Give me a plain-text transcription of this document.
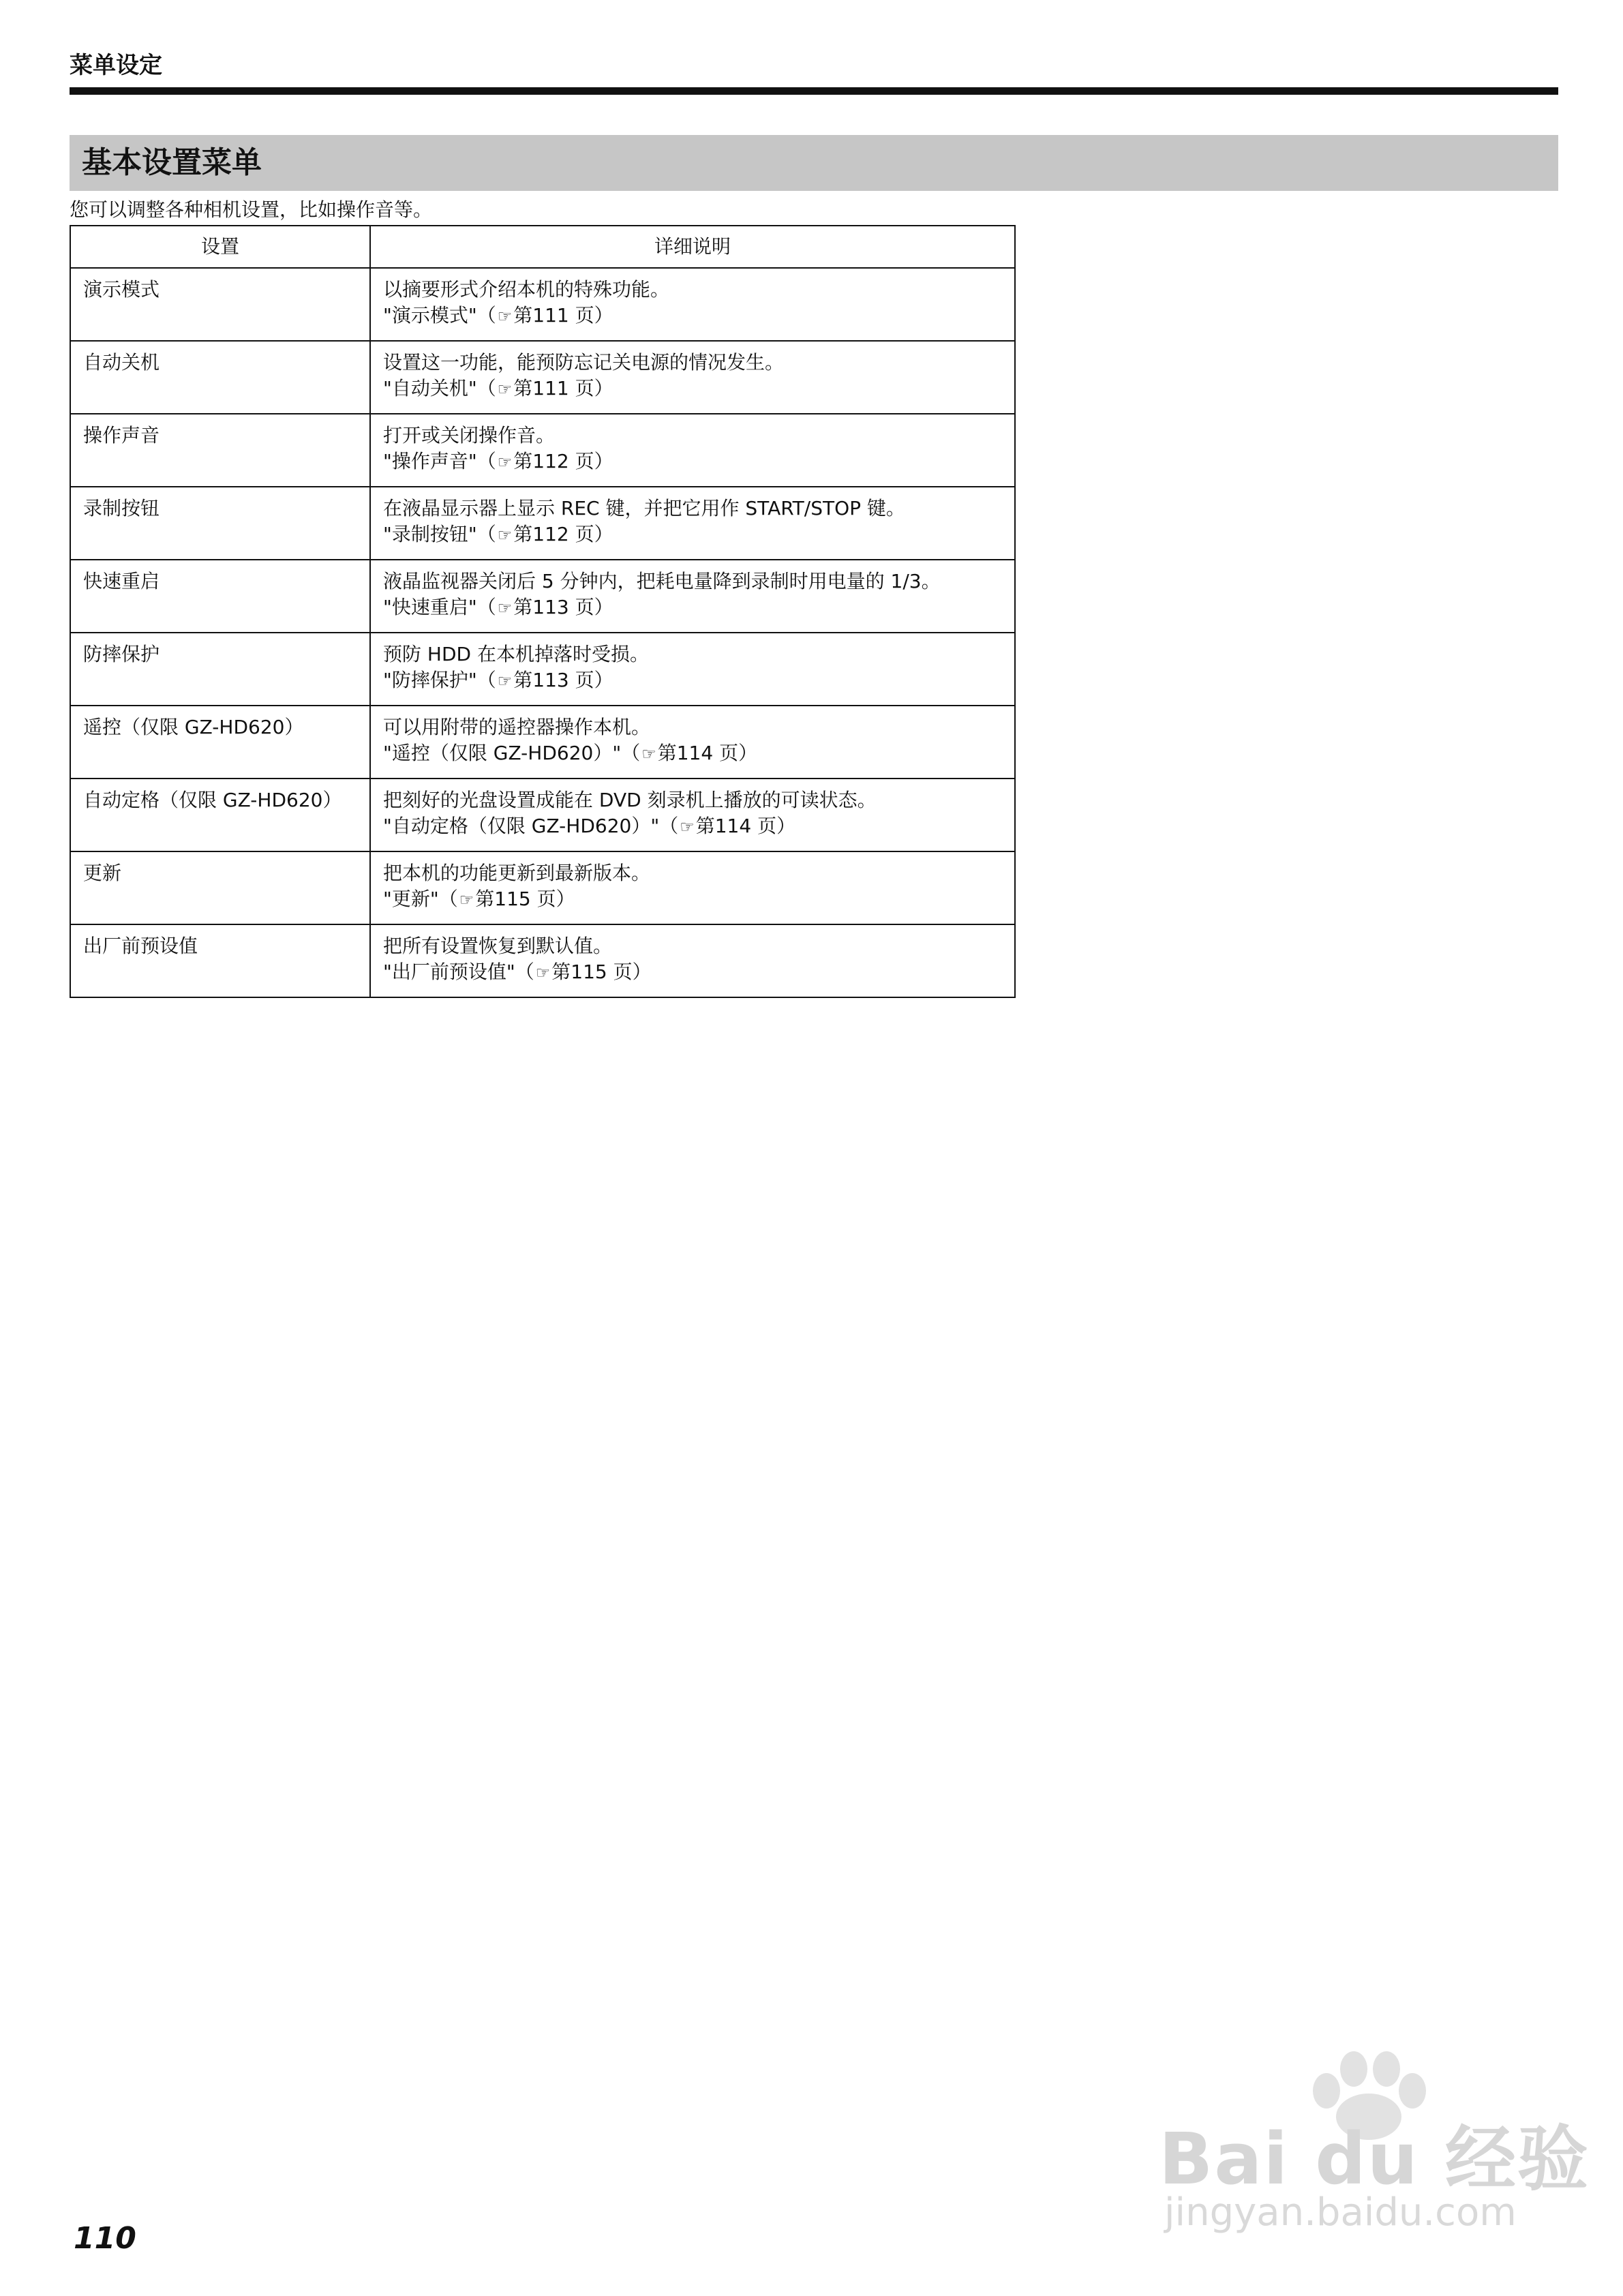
菜单设定
基本设置菜单
您可以调整各种相机设置，比如操作音等。
设置	详细说明
演示模式	以摘要形式介绍本机的特殊功能。
"演示模式"（☞第111 页）

自动关机	设置这一功能，能预防忘记关电源的情况发生。
"自动关机"（☞第111 页）

操作声音	打开或关闭操作音。
"操作声音"（☞第112 页）

录制按钮	在液晶显示器上显示 REC 键，并把它用作 START/STOP 键。
"录制按钮"（☞第112 页）

快速重启	液晶监视器关闭后 5 分钟内，把耗电量降到录制时用电量的 1/3。
"快速重启"（☞第113 页）

防摔保护	预防 HDD 在本机掉落时受损。
"防摔保护"（☞第113 页）

遥控（仅限 GZ-HD620）	可以用附带的遥控器操作本机。
"遥控（仅限 GZ-HD620）"（☞第114 页）

自动定格（仅限 GZ-HD620）	把刻好的光盘设置成能在 DVD 刻录机上播放的可读状态。
"自动定格（仅限 GZ-HD620）"（☞第114 页）

更新	把本机的功能更新到最新版本。
"更新"（☞第115 页）

出厂前预设值	把所有设置恢复到默认值。
"出厂前预设值"（☞第115 页）
110
Bai du 经验
jingyan.baidu.com
